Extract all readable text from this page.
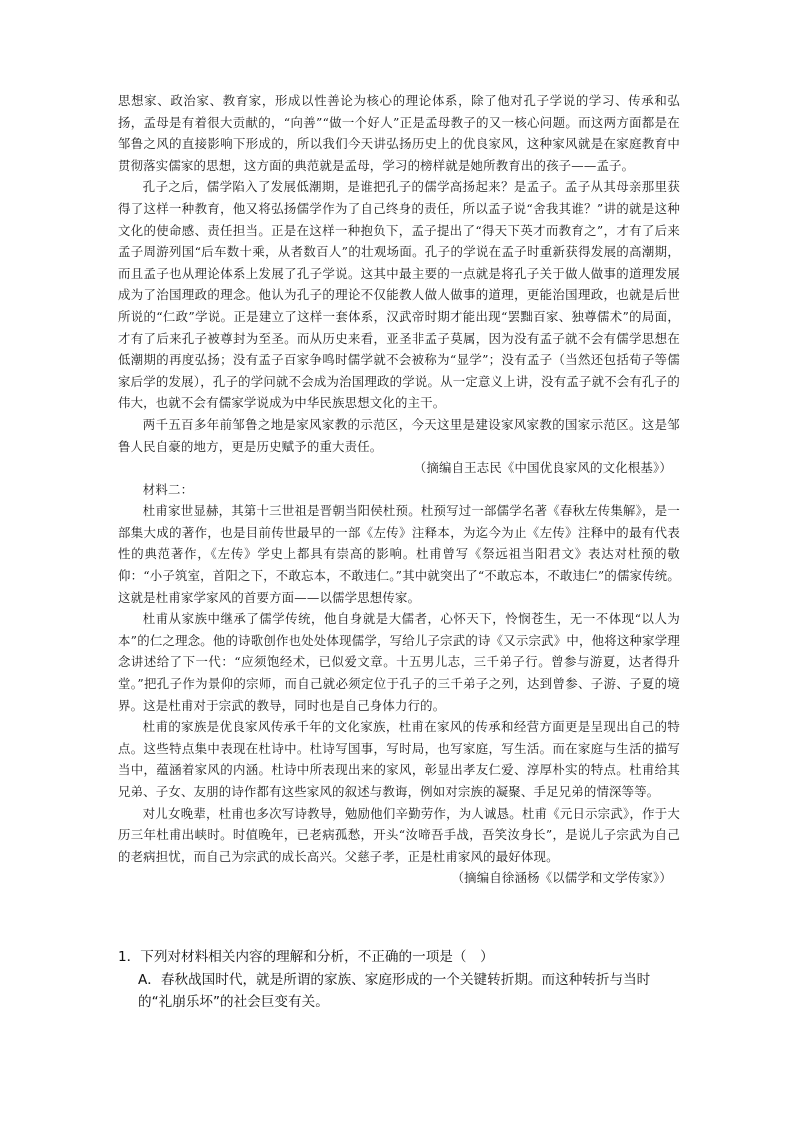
思想家、政治家、教育家，形成以性善论为核心的理论体系，除了他对孔子学说的学习、传承和弘扬，孟母是有着很大贡献的，“向善”“做一个好人”正是孟母教子的又一核心问题。而这两方面都是在邹鲁之风的直接影响下形成的，所以我们今天讲弘扬历史上的优良家风，这种家风就是在家庭教育中贯彻落实儒家的思想，这方面的典范就是孟母，学习的榜样就是她所教育出的孩子——孟子。

孔子之后，儒学陷入了发展低潮期，是谁把孔子的儒学高扬起来？是孟子。孟子从其母亲那里获得了这样一种教育，他又将弘扬儒学作为了自己终身的责任，所以孟子说“舍我其谁？”讲的就是这种文化的使命感、责任担当。正是在这样一种抱负下，孟子提出了“得天下英才而教育之”，才有了后来孟子周游列国“后车数十乘，从者数百人”的壮观场面。孔子的学说在孟子时重新获得发展的高潮期，而且孟子也从理论体系上发展了孔子学说。这其中最主要的一点就是将孔子关于做人做事的道理发展成为了治国理政的理念。他认为孔子的理论不仅能教人做人做事的道理，更能治国理政，也就是后世所说的“仁政”学说。正是建立了这样一套体系，汉武帝时期才能出现“罢黜百家、独尊儒术”的局面，才有了后来孔子被尊封为至圣。而从历史来看，亚圣非孟子莫属，因为没有孟子就不会有儒学思想在低潮期的再度弘扬；没有孟子百家争鸣时儒学就不会被称为“显学”；没有孟子（当然还包括荀子等儒家后学的发展），孔子的学问就不会成为治国理政的学说。从一定意义上讲，没有孟子就不会有孔子的伟大，也就不会有儒家学说成为中华民族思想文化的主干。

两千五百多年前邹鲁之地是家风家教的示范区，今天这里是建设家风家教的国家示范区。这是邹鲁人民自豪的地方，更是历史赋予的重大责任。

（摘编自王志民《中国优良家风的文化根基》）

材料二：

杜甫家世显赫，其第十三世祖是晋朝当阳侯杜预。杜预写过一部儒学名著《春秋左传集解》，是一部集大成的著作，也是目前传世最早的一部《左传》注释本，为迄今为止《左传》注释中的最有代表性的典范著作，《左传》学史上都具有崇高的影响。杜甫曾写《祭远祖当阳君文》表达对杜预的敬仰：“小子筑室，首阳之下，不敢忘本，不敢违仁。”其中就突出了“不敢忘本，不敢违仁”的儒家传统。这就是杜甫家学家风的首要方面——以儒学思想传家。

杜甫从家族中继承了儒学传统，他自身就是大儒者，心怀天下，怜悯苍生，无一不体现“以人为本”的仁之理念。他的诗歌创作也处处体现儒学，写给儿子宗武的诗《又示宗武》中，他将这种家学理念讲述给了下一代：“应须饱经术，已似爱文章。十五男儿志，三千弟子行。曾参与游夏，达者得升堂。”把孔子作为景仰的宗师，而自己就必须定位于孔子的三千弟子之列，达到曾参、子游、子夏的境界。这是杜甫对于宗武的教导，同时也是自己身体力行的。

杜甫的家族是优良家风传承千年的文化家族，杜甫在家风的传承和经营方面更是呈现出自己的特点。这些特点集中表现在杜诗中。杜诗写国事，写时局，也写家庭，写生活。而在家庭与生活的描写当中，蕴涵着家风的内涵。杜诗中所表现出来的家风，彰显出孝友仁爱、淳厚朴实的特点。杜甫给其兄弟、子女、友朋的诗作都有这些家风的叙述与教诲，例如对宗族的凝聚、手足兄弟的情深等等。

对儿女晚辈，杜甫也多次写诗教导，勉励他们辛勤劳作，为人诚恳。杜甫《元日示宗武》，作于大历三年杜甫出峡时。时值晚年，已老病孤愁，开头“汝啼吾手战，吾笑汝身长”，是说儿子宗武为自己的老病担忧，而自己为宗武的成长高兴。父慈子孝，正是杜甫家风的最好体现。

（摘编自徐涵杨《以儒学和文学传家》）

1．下列对材料相关内容的理解和分析，不正确的一项是（　）

A．春秋战国时代，就是所谓的家族、家庭形成的一个关键转折期。而这种转折与当时

的“礼崩乐坏”的社会巨变有关。
